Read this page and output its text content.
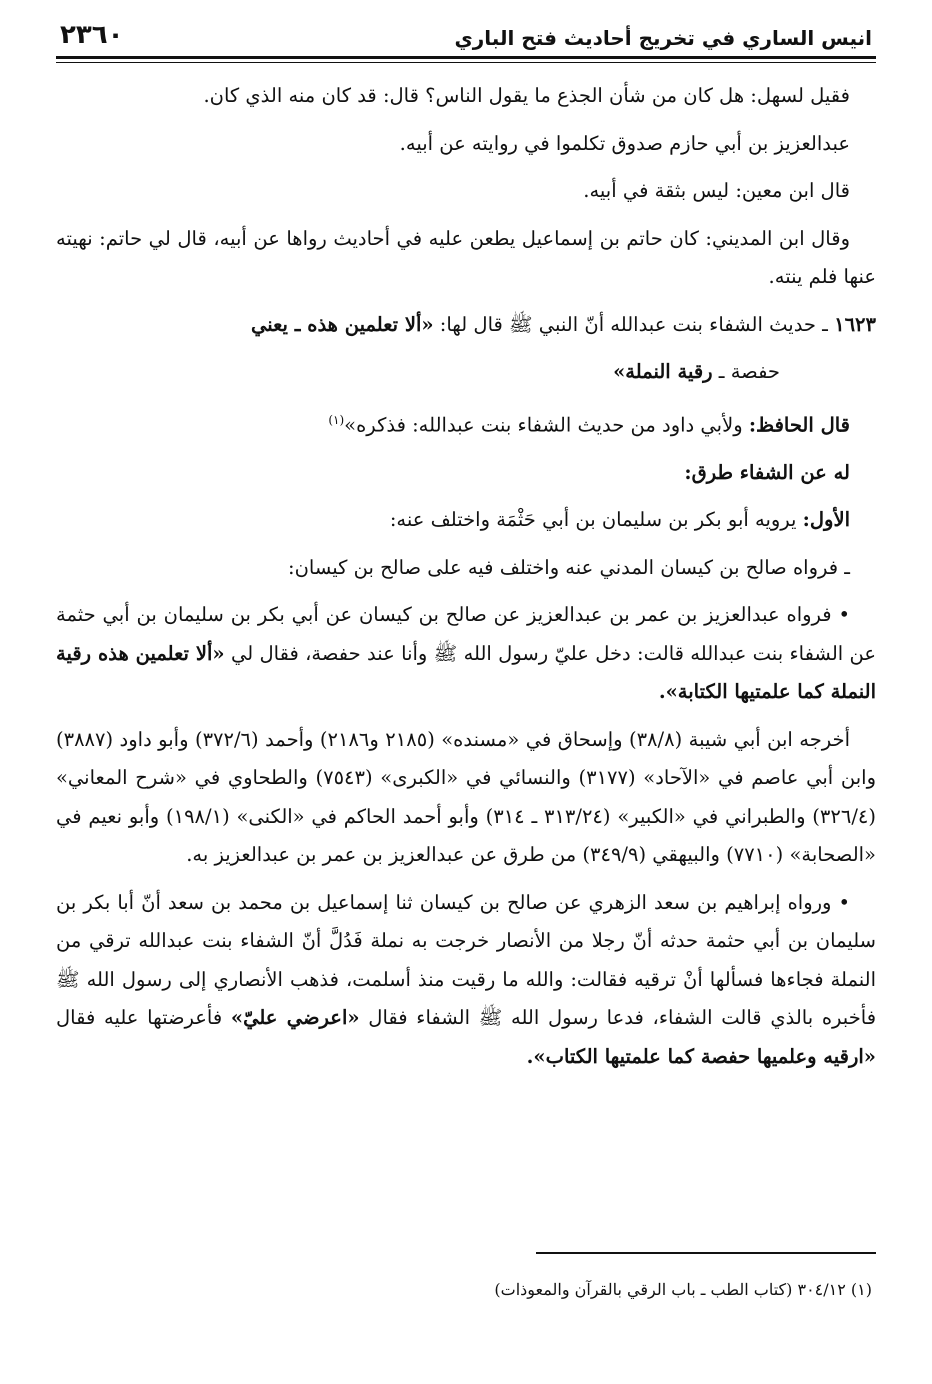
انيس الساري في تخريج أحاديث فتح الباري
٢٣٦٠

فقيل لسهل: هل كان من شأن الجذع ما يقول الناس؟ قال: قد كان منه الذي كان.

عبدالعزيز بن أبي حازم صدوق تكلموا في روايته عن أبيه.

قال ابن معين: ليس بثقة في أبيه.

وقال ابن المديني: كان حاتم بن إسماعيل يطعن عليه في أحاديث رواها عن أبيه، قال لي حاتم: نهيته عنها فلم ينته.

١٦٢٣ ـ حديث الشفاء بنت عبدالله أنّ النبي ﷺ قال لها: «ألا تعلمين هذه ـ يعني

حفصة ـ رقية النملة»

قال الحافظ: ولأبي داود من حديث الشفاء بنت عبدالله: فذكره»$^{(١)}$

له عن الشفاء طرق:

الأول: يرويه أبو بكر بن سليمان بن أبي حَثْمَة واختلف عنه:

ـ فرواه صالح بن كيسان المدني عنه واختلف فيه على صالح بن كيسان:

• فرواه عبدالعزيز بن عمر بن عبدالعزيز عن صالح بن كيسان عن أبي بكر بن سليمان بن أبي حثمة عن الشفاء بنت عبدالله قالت: دخل عليّ رسول الله ﷺ وأنا عند حفصة، فقال لي «ألا تعلمين هذه رقية النملة كما علمتيها الكتابة».

أخرجه ابن أبي شيبة (٣٨/٨) وإسحاق في «مسنده» (٢١٨٥ و٢١٨٦) وأحمد (٣٧٢/٦) وأبو داود (٣٨٨٧) وابن أبي عاصم في «الآحاد» (٣١٧٧) والنسائي في «الكبرى» (٧٥٤٣) والطحاوي في «شرح المعاني» (٣٢٦/٤) والطبراني في «الكبير» (٣١٣/٢٤ ـ ٣١٤) وأبو أحمد الحاكم في «الكنى» (١٩٨/١) وأبو نعيم في «الصحابة» (٧٧١٠) والبيهقي (٣٤٩/٩) من طرق عن عبدالعزيز بن عمر بن عبدالعزيز به.

• ورواه إبراهيم بن سعد الزهري عن صالح بن كيسان ثنا إسماعيل بن محمد بن سعد أنّ أبا بكر بن سليمان بن أبي حثمة حدثه أنّ رجلا من الأنصار خرجت به نملة فَدُلَّ أنّ الشفاء بنت عبدالله ترقي من النملة فجاءها فسألها أنْ ترقيه فقالت: والله ما رقيت منذ أسلمت، فذهب الأنصاري إلى رسول الله ﷺ فأخبره بالذي قالت الشفاء، فدعا رسول الله ﷺ الشفاء فقال «اعرضي عليّ» فأعرضتها عليه فقال «ارقيه وعلميها حفصة كما علمتيها الكتاب».

(١) ٣٠٤/١٢ (كتاب الطب ـ باب الرقي بالقرآن والمعوذات)
